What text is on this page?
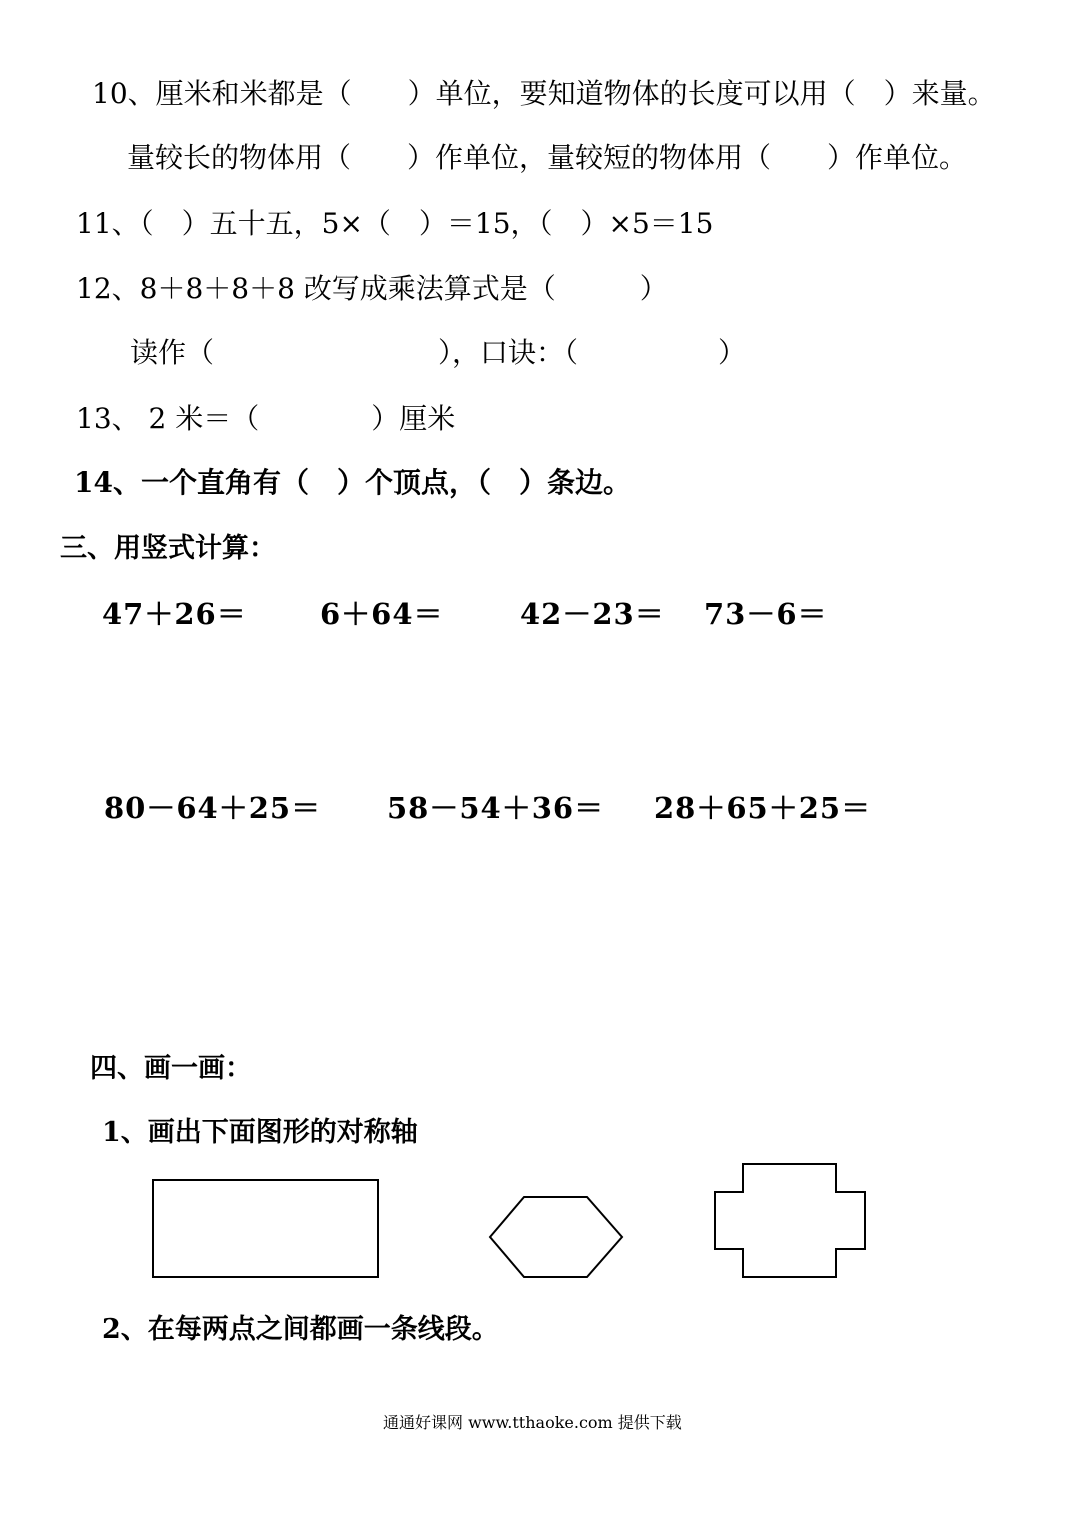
10、厘米和米都是（　　）单位，要知道物体的长度可以用（　）来量。
量较长的物体用（　　）作单位，量较短的物体用（　　）作单位。
11、（　）五十五，5×（　）＝15，（　）×5＝15
12、8＋8＋8＋8 改写成乘法算式是（　　　）
读作（　　　　　　　　），口诀：（　　　　　）
13、 2 米＝（　　　　）厘米
14、一个直角有（　）个顶点，（　）条边。
三、用竖式计算：
47＋26＝	6＋64＝	42－23＝ 73－6＝
80－64＋25＝ 58－54＋36＝ 28＋65＋25＝
四、画一画：
1、画出下面图形的对称轴
2、在每两点之间都画一条线段。
通通好课网 www.tthaoke.com 提供下载
